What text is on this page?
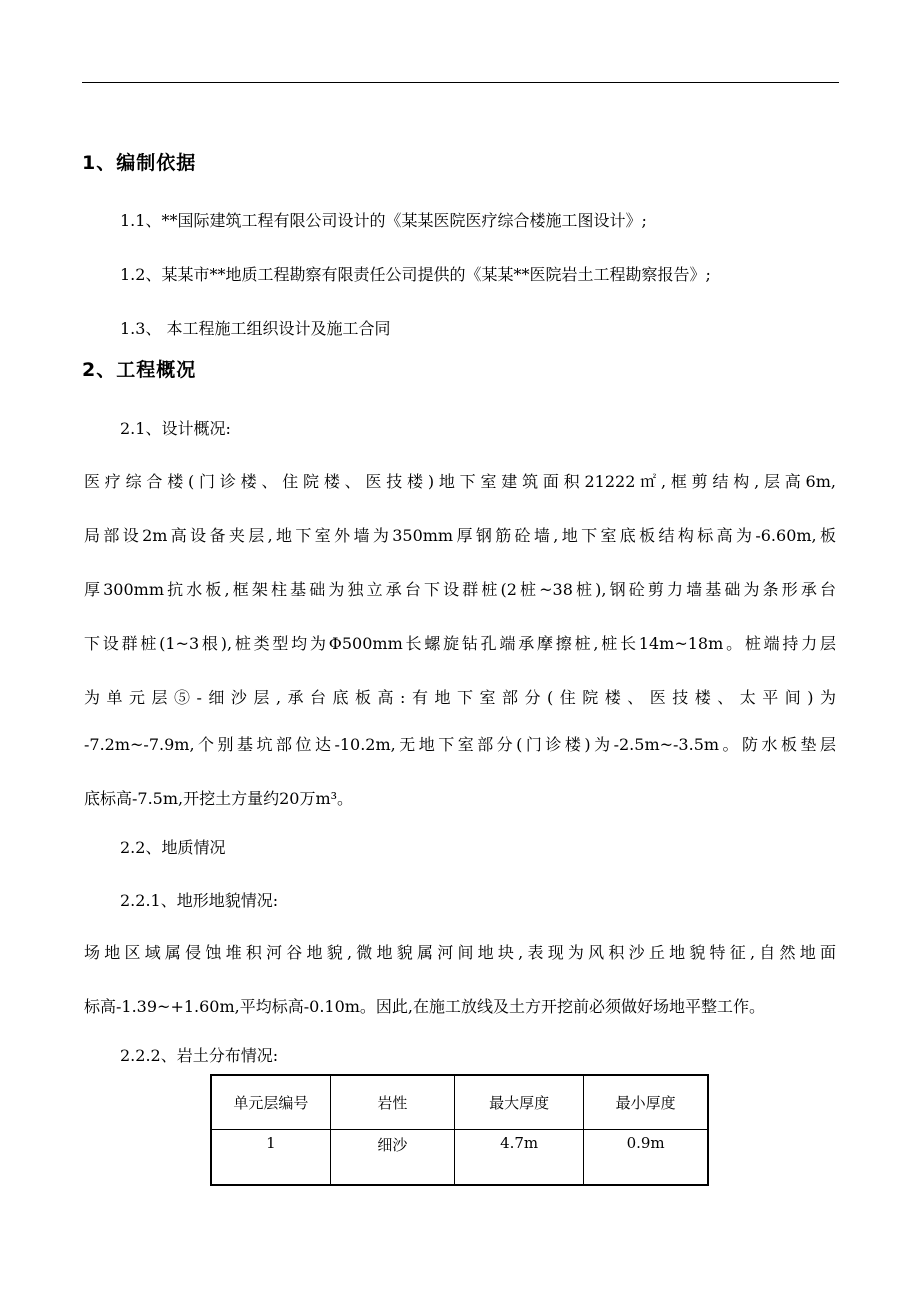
1、编制依据
1.1、**国际建筑工程有限公司设计的《某某医院医疗综合楼施工图设计》;
1.2、某某市**地质工程勘察有限责任公司提供的《某某**医院岩土工程勘察报告》;
1.3、 本工程施工组织设计及施工合同
2、工程概况
2.1、设计概况:
医疗综合楼(门诊楼、住院楼、医技楼)地下室建筑面积21222㎡,框剪结构,层高6m,
局部设2m高设备夹层,地下室外墙为350mm厚钢筋砼墙,地下室底板结构标高为-6.60m,板
厚300mm抗水板,框架柱基础为独立承台下设群桩(2桩~38桩),钢砼剪力墙基础为条形承台
下设群桩(1~3根),桩类型均为Φ500mm长螺旋钻孔端承摩擦桩,桩长14m~18m。桩端持力层
为单元层⑤-细沙层,承台底板高:有地下室部分(住院楼、医技楼、太平间)为
-7.2m~-7.9m,个别基坑部位达-10.2m,无地下室部分(门诊楼)为-2.5m~-3.5m。防水板垫层
底标高-7.5m,开挖土方量约20万m³。
2.2、地质情况
2.2.1、地形地貌情况:
场地区域属侵蚀堆积河谷地貌,微地貌属河间地块,表现为风积沙丘地貌特征,自然地面
标高-1.39~+1.60m,平均标高-0.10m。因此,在施工放线及土方开挖前必须做好场地平整工作。
2.2.2、岩土分布情况:
单元层编号	岩性	最大厚度	最小厚度
1	细沙	4.7m	0.9m
